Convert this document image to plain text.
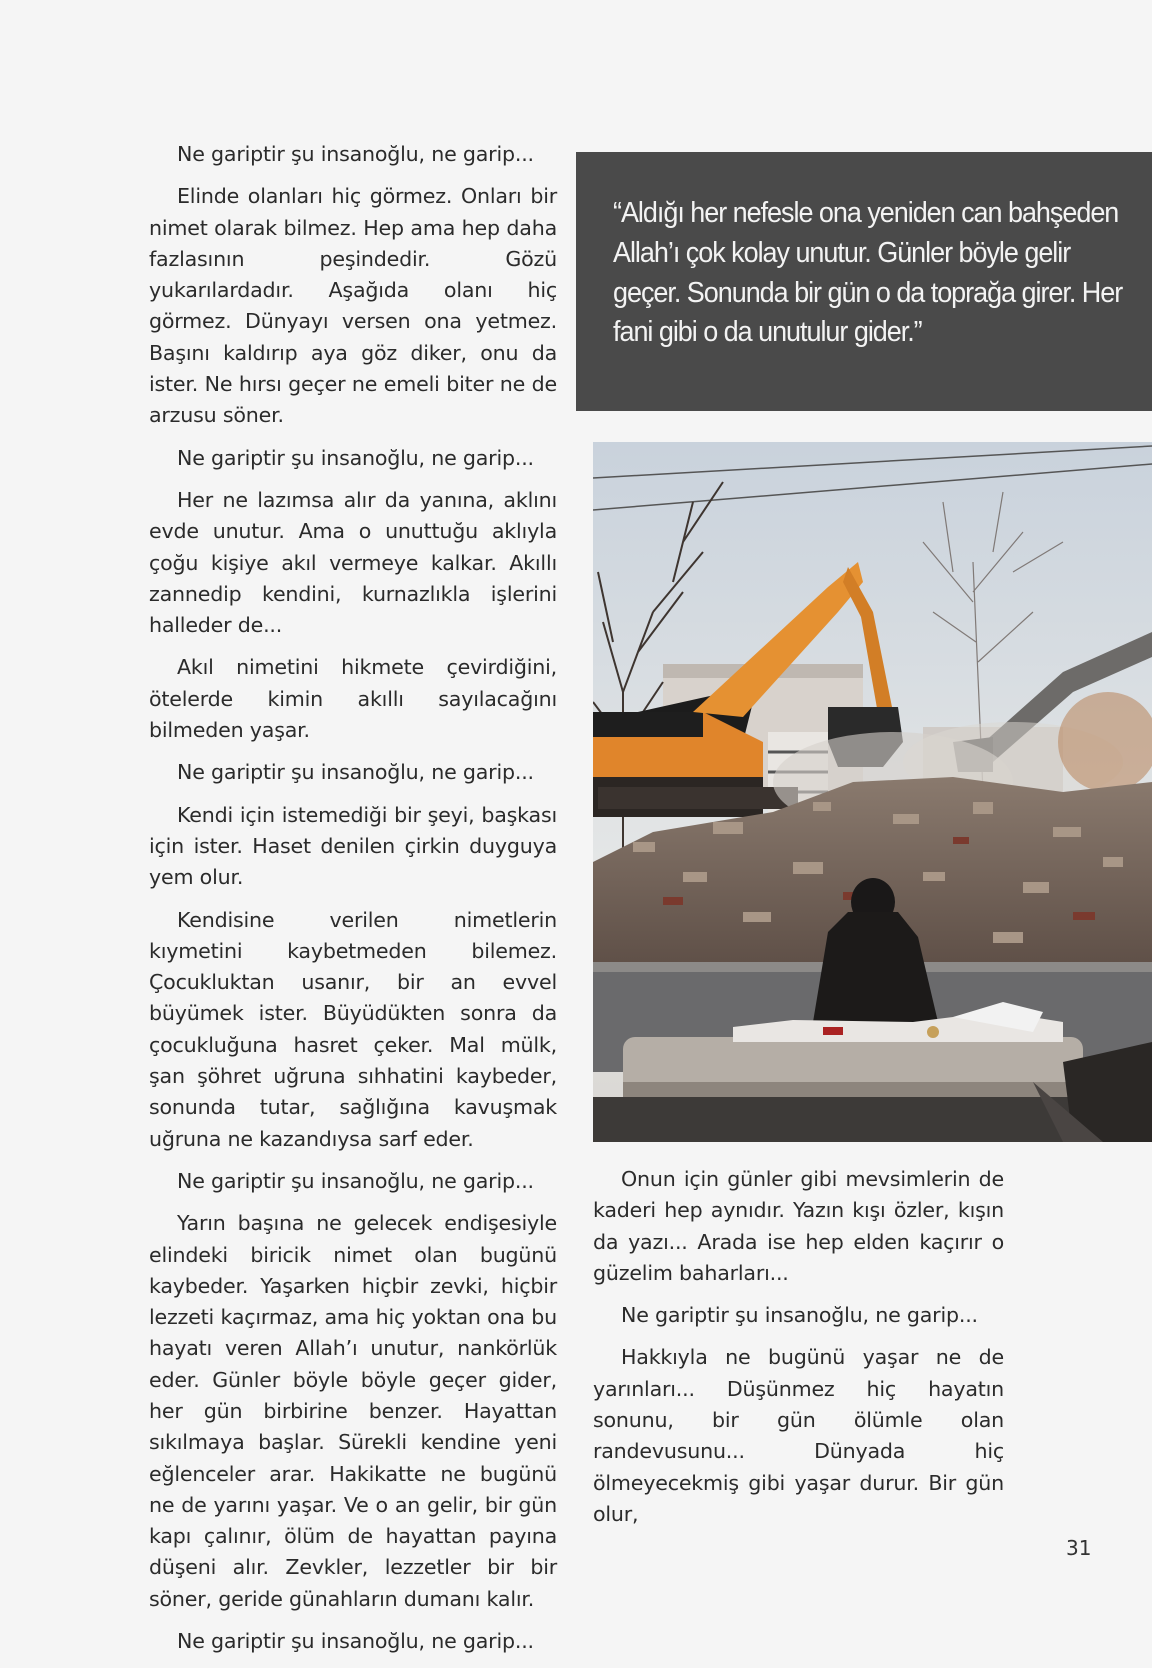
Ne gariptir şu insanoğlu, ne garip...

Elinde olanları hiç görmez. Onları bir nimet olarak bilmez. Hep ama hep daha fazlasının peşindedir. Gözü yukarılardadır. Aşağıda olanı hiç görmez. Dünyayı versen ona yetmez. Başını kaldırıp aya göz diker, onu da ister. Ne hırsı geçer ne emeli biter ne de arzusu söner.

Ne gariptir şu insanoğlu, ne garip...

Her ne lazımsa alır da yanına, aklını evde unutur. Ama o unuttuğu aklıyla çoğu kişiye akıl vermeye kalkar. Akıllı zannedip kendini, kurnazlıkla işlerini halleder de...

Akıl nimetini hikmete çevirdiğini, ötelerde kimin akıllı sayılacağını bilmeden yaşar.

Ne gariptir şu insanoğlu, ne garip...

Kendi için istemediği bir şeyi, başkası için ister. Haset denilen çirkin duyguya yem olur.

Kendisine verilen nimetlerin kıymetini kaybetmeden bilemez. Çocukluktan usanır, bir an evvel büyümek ister. Büyüdükten sonra da çocukluğuna hasret çeker. Mal mülk, şan şöhret uğruna sıhhatini kaybeder, sonunda tutar, sağlığına kavuşmak uğruna ne kazandıysa sarf eder.

Ne gariptir şu insanoğlu, ne garip...

Yarın başına ne gelecek endişesiyle elindeki biricik nimet olan bugünü kaybeder. Yaşarken hiçbir zevki, hiçbir lezzeti kaçırmaz, ama hiç yoktan ona bu hayatı veren Allah’ı unutur, nankörlük eder. Günler böyle böyle geçer gider, her gün birbirine benzer. Hayattan sıkılmaya başlar. Sürekli kendine yeni eğlenceler arar. Hakikatte ne bugünü ne de yarını yaşar. Ve o an gelir, bir gün kapı çalınır, ölüm de hayattan payına düşeni alır. Zevkler, lezzetler bir bir söner, geride günahların dumanı kalır.

Ne gariptir şu insanoğlu, ne garip...

“Aldığı her nefesle ona yeniden can bahşeden Allah’ı çok kolay unutur. Günler böyle gelir geçer. Sonunda bir gün o da toprağa girer. Her fani gibi o da unutulur gider.”

Onun için günler gibi mevsimlerin de kaderi hep aynıdır. Yazın kışı özler, kışın da yazı... Arada ise hep elden kaçırır o güzelim baharları...

Ne gariptir şu insanoğlu, ne garip...

Hakkıyla ne bugünü yaşar ne de yarınları... Düşünmez hiç hayatın sonunu, bir gün ölümle olan randevusunu... Dünyada hiç ölmeyecekmiş gibi yaşar durur. Bir gün olur,

31
